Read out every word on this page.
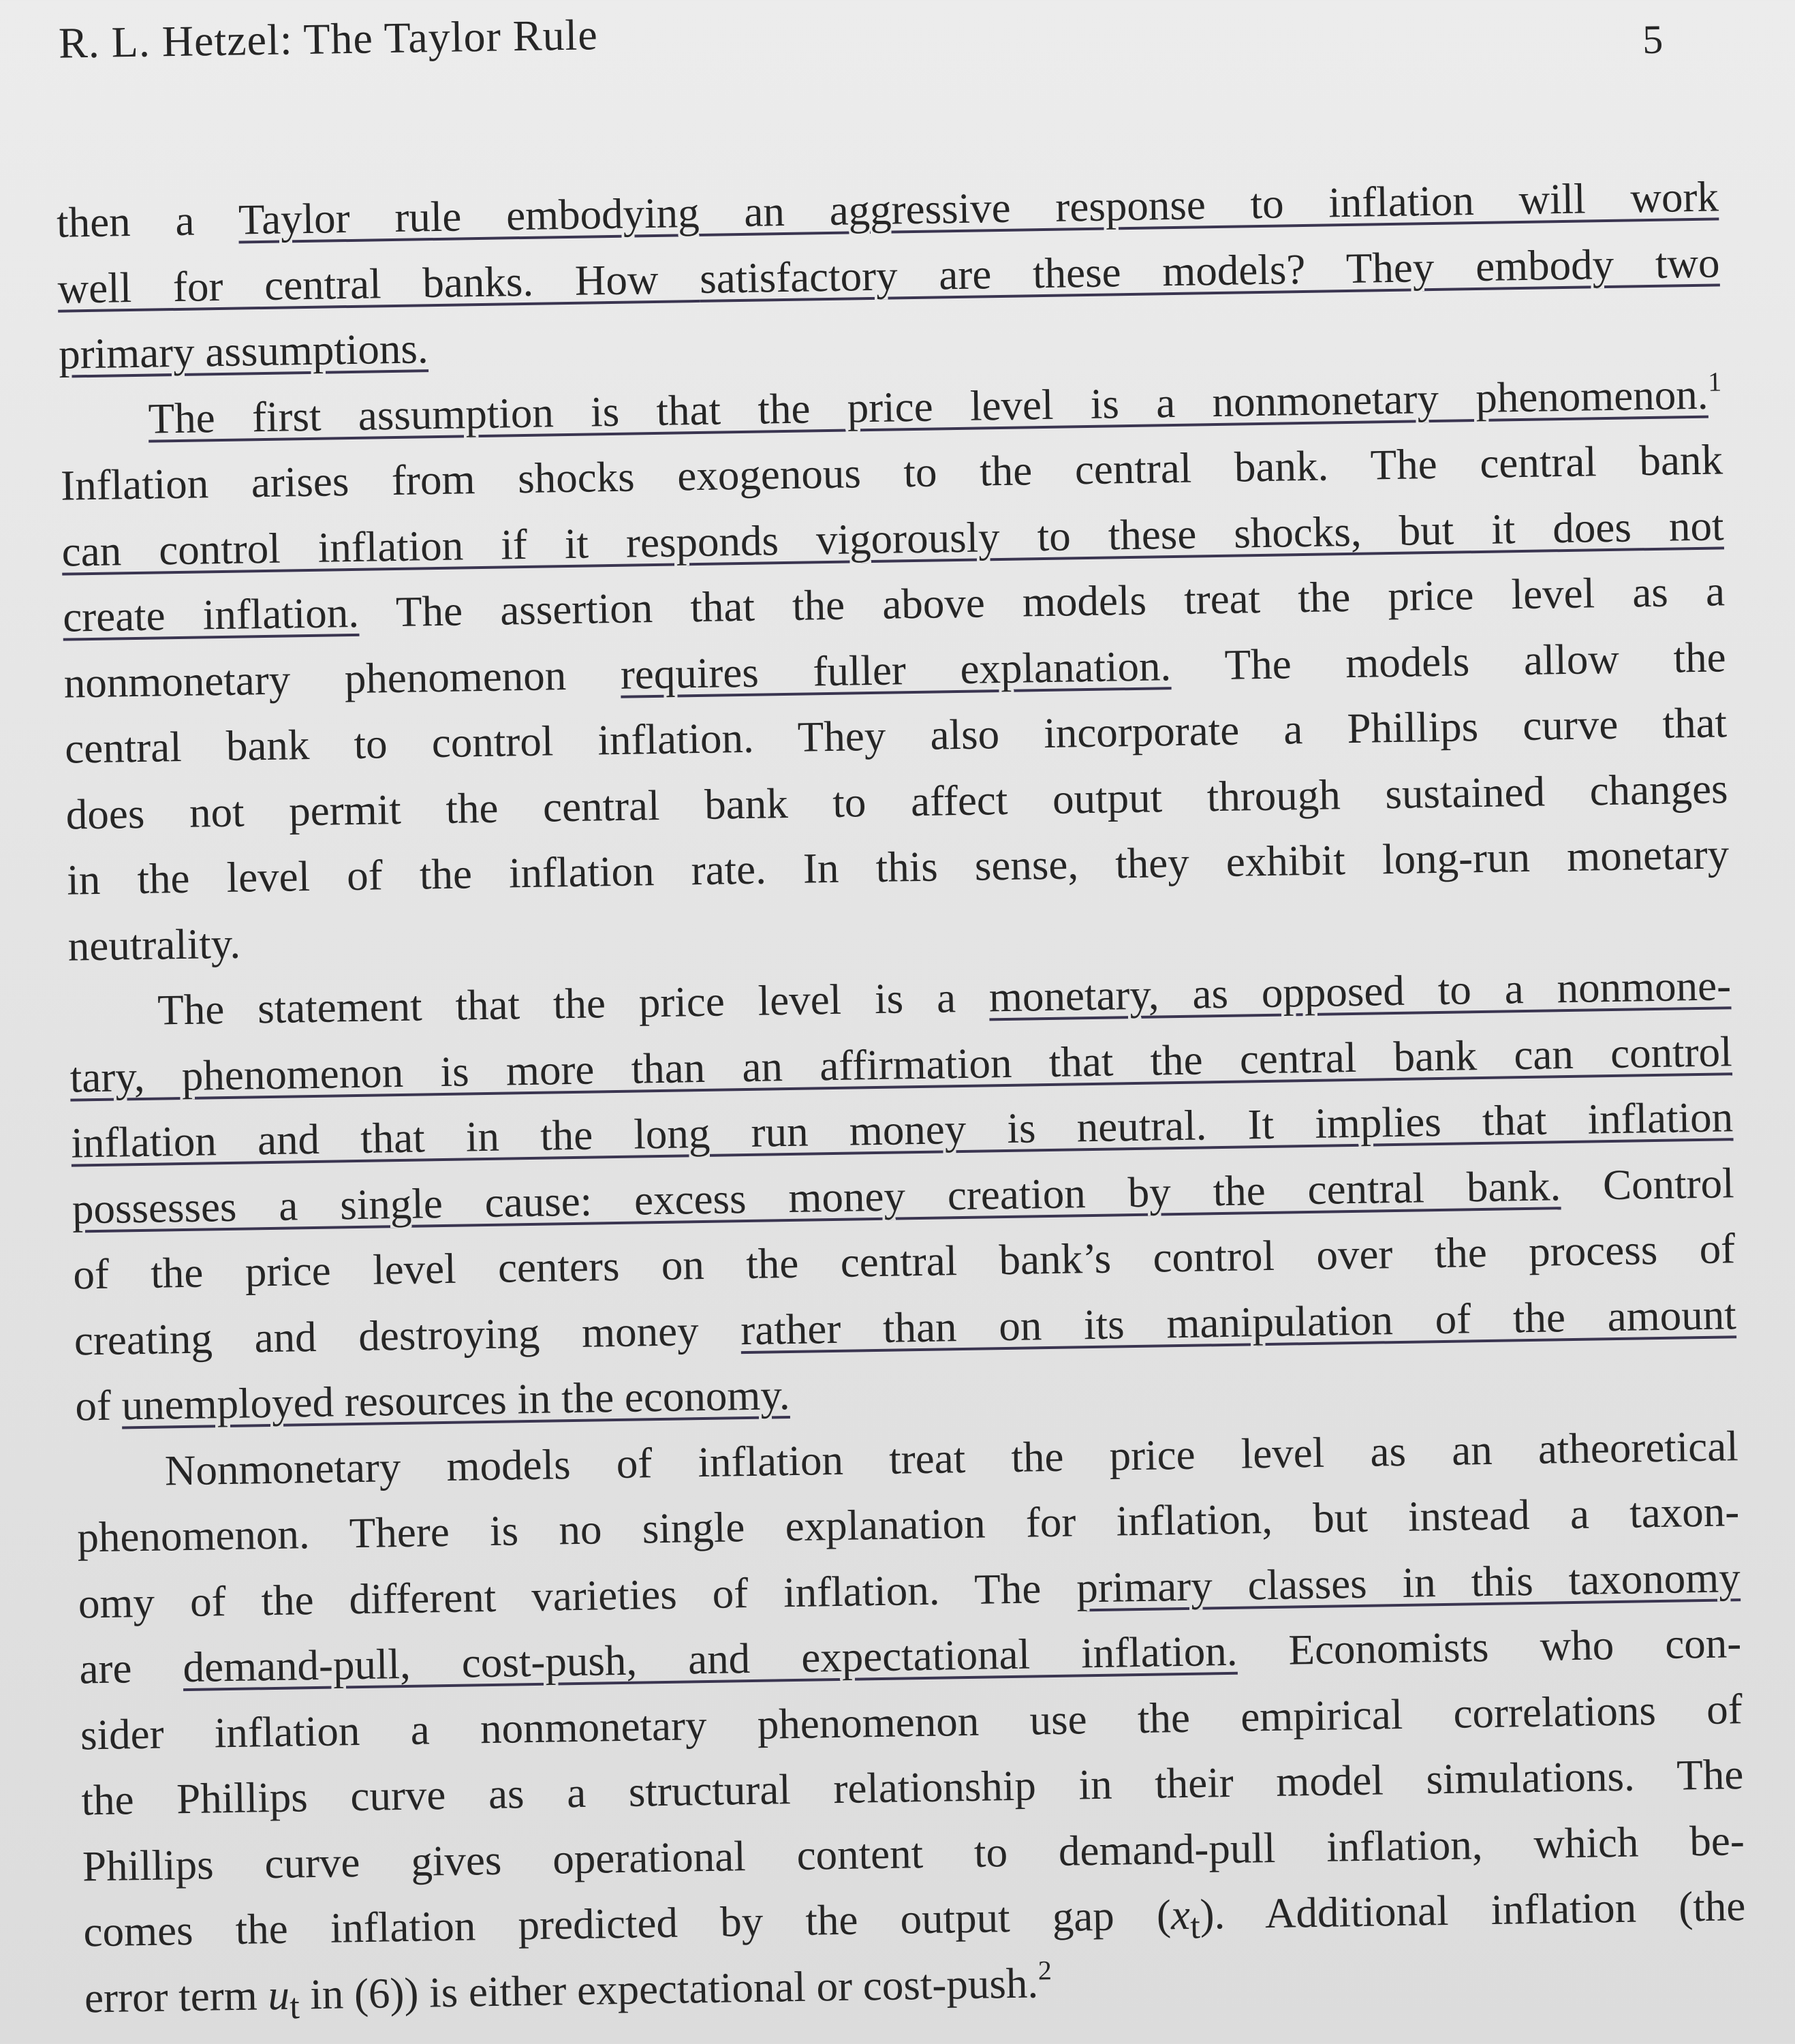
R. L. Hetzel: The Taylor Rule	5
then a Taylor rule embodying an aggressive response to inflation will work
well for central banks. How satisfactory are these models? They embody two
primary assumptions.
The first assumption is that the price level is a nonmonetary phenomenon.$^1$
Inflation arises from shocks exogenous to the central bank. The central bank
can control inflation if it responds vigorously to these shocks, but it does not
create inflation. The assertion that the above models treat the price level as a
nonmonetary phenomenon requires fuller explanation. The models allow the
central bank to control inflation. They also incorporate a Phillips curve that
does not permit the central bank to affect output through sustained changes
in the level of the inflation rate. In this sense, they exhibit long-run monetary
neutrality.
The statement that the price level is a monetary, as opposed to a nonmone-
tary, phenomenon is more than an affirmation that the central bank can control
inflation and that in the long run money is neutral. It implies that inflation
possesses a single cause: excess money creation by the central bank. Control
of the price level centers on the central bank’s control over the process of
creating and destroying money rather than on its manipulation of the amount
of unemployed resources in the economy.
Nonmonetary models of inflation treat the price level as an atheoretical
phenomenon. There is no single explanation for inflation, but instead a taxon-
omy of the different varieties of inflation. The primary classes in this taxonomy
are demand-pull, cost-push, and expectational inflation. Economists who con-
sider inflation a nonmonetary phenomenon use the empirical correlations of
the Phillips curve as a structural relationship in their model simulations. The
Phillips curve gives operational content to demand-pull inflation, which be-
comes the inflation predicted by the output gap $(x_t)$. Additional inflation (the
error term $u_t$ in (6)) is either expectational or cost-push.$^2$
